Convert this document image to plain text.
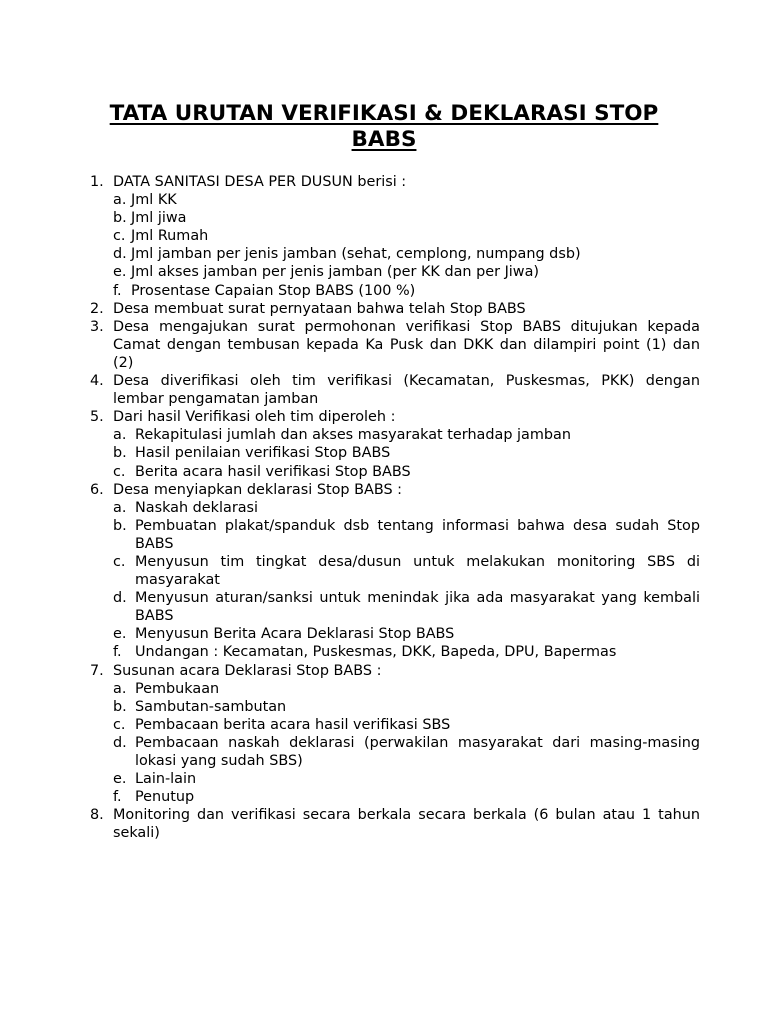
TATA URUTAN VERIFIKASI & DEKLARASI STOP BABS
1. DATA SANITASI DESA PER DUSUN berisi :
a. Jml KK
b. Jml jiwa
c. Jml Rumah
d. Jml jamban per jenis jamban (sehat, cemplong, numpang dsb)
e. Jml akses jamban per jenis jamban (per KK dan per Jiwa)
f. Prosentase Capaian Stop BABS (100 %)
2. Desa membuat surat pernyataan bahwa telah Stop BABS
3. Desa mengajukan surat permohonan verifikasi Stop BABS ditujukan kepada Camat dengan tembusan kepada Ka Pusk dan DKK dan dilampiri point (1) dan (2)
4. Desa diverifikasi oleh tim verifikasi (Kecamatan, Puskesmas, PKK) dengan lembar pengamatan jamban
5. Dari hasil Verifikasi oleh tim diperoleh :
a. Rekapitulasi jumlah dan akses masyarakat terhadap jamban
b. Hasil penilaian verifikasi Stop BABS
c. Berita acara hasil verifikasi Stop BABS
6. Desa menyiapkan deklarasi Stop BABS :
a. Naskah deklarasi
b. Pembuatan plakat/spanduk dsb tentang informasi bahwa desa sudah Stop BABS
c. Menyusun tim tingkat desa/dusun untuk melakukan monitoring SBS di masyarakat
d. Menyusun aturan/sanksi untuk menindak jika ada masyarakat yang kembali BABS
e. Menyusun Berita Acara Deklarasi Stop BABS
f. Undangan : Kecamatan, Puskesmas, DKK, Bapeda, DPU, Bapermas
7. Susunan acara Deklarasi Stop BABS :
a. Pembukaan
b. Sambutan-sambutan
c. Pembacaan berita acara hasil verifikasi SBS
d. Pembacaan naskah deklarasi (perwakilan masyarakat dari masing-masing lokasi yang sudah SBS)
e. Lain-lain
f. Penutup
8. Monitoring dan verifikasi secara berkala secara berkala (6 bulan atau 1 tahun sekali)
